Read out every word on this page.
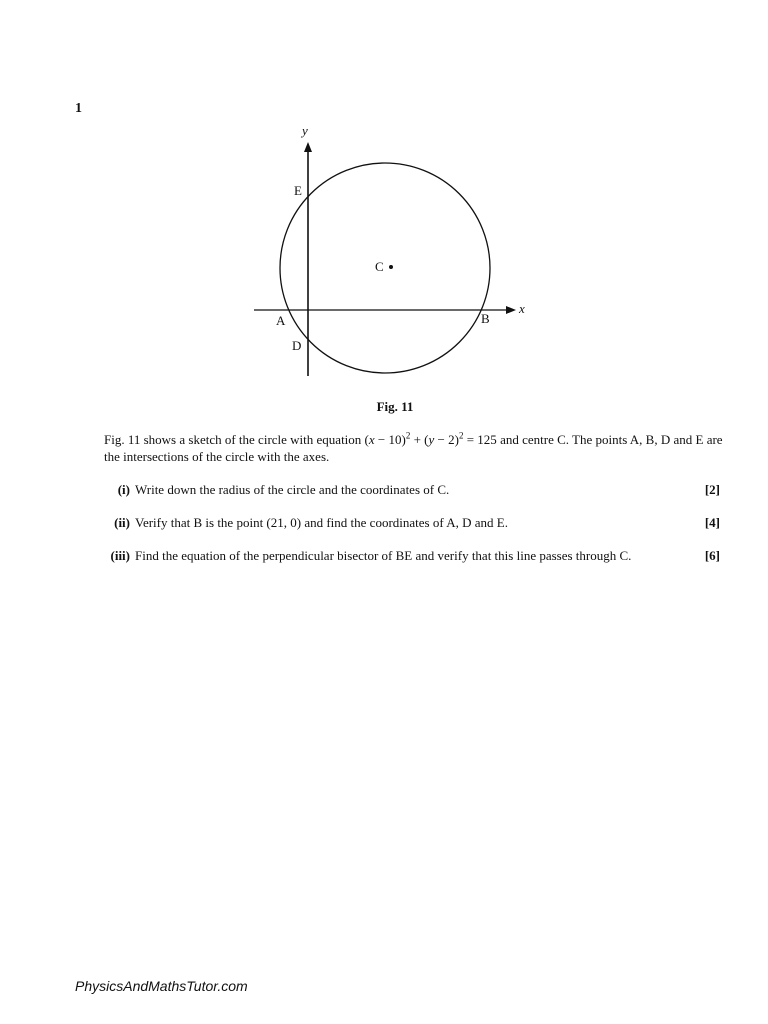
1
y
x
E
C
A	B
D
Fig. 11
Fig. 11 shows a sketch of the circle with equation $(x - 10)^2 + (y - 2)^2 = 125$ and centre C. The points A, B, D and E are the intersections of the circle with the axes.
(i) Write down the radius of the circle and the coordinates of C.	[2]
(ii) Verify that B is the point (21, 0) and find the coordinates of A, D and E.	[4]
(iii) Find the equation of the perpendicular bisector of BE and verify that this line passes through C.	[6]
PhysicsAndMathsTutor.com
